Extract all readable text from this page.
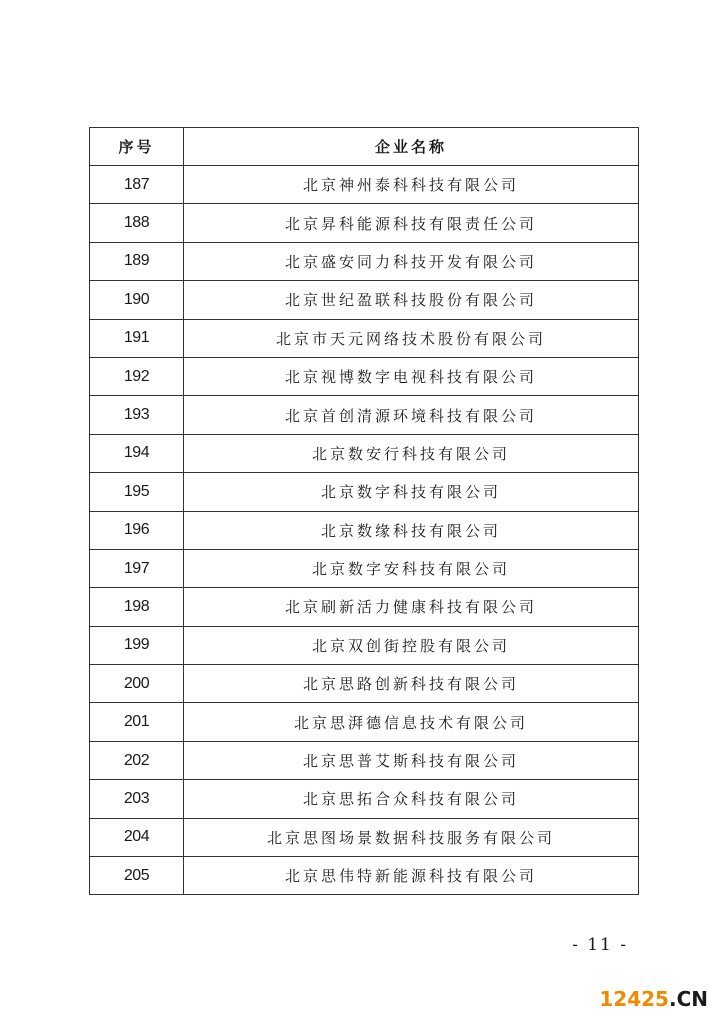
序号	企业名称
187	北京神州泰科科技有限公司
188	北京昇科能源科技有限责任公司
189	北京盛安同力科技开发有限公司
190	北京世纪盈联科技股份有限公司
191	北京市天元网络技术股份有限公司
192	北京视博数字电视科技有限公司
193	北京首创清源环境科技有限公司
194	北京数安行科技有限公司
195	北京数字科技有限公司
196	北京数缘科技有限公司
197	北京数字安科技有限公司
198	北京刷新活力健康科技有限公司
199	北京双创街控股有限公司
200	北京思路创新科技有限公司
201	北京思湃德信息技术有限公司
202	北京思普艾斯科技有限公司
203	北京思拓合众科技有限公司
204	北京思图场景数据科技服务有限公司
205	北京思伟特新能源科技有限公司
- 11 -
12425.CN
